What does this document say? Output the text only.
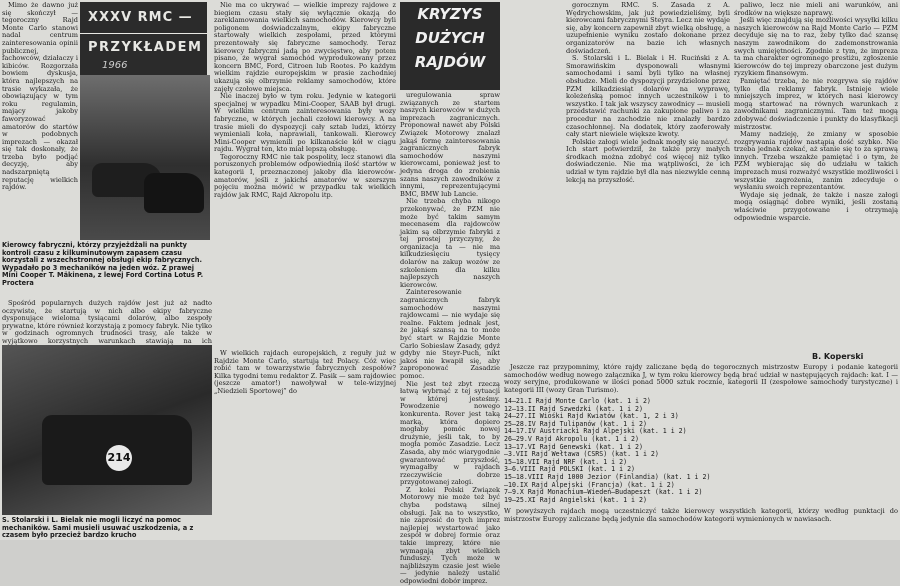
Mimo że dawno już się skończył — tegoroczny Rajd Monte Carlo stanowi nadal centrum zainteresowania opinii publicznej, fachowców, działaczy i kibiców. Rozgorzała bowiem dyskusja, która najlepszych na trasie wykazała, że obowiązujący w tym roku regulamin, mający jakoby faworyzować amatorów do startów w podobnych imprezach — okazał się tak doskonały, że trzeba było podjąć decyzję, aby nadszarpniętą reputację wielkich rajdów.

XXXV RMC —
PRZYKŁADEM
1966
Kierowcy fabryczni, którzy przyjeżdżali na punkty kontroli czasu z kilkuminutowym zapasem czasu korzystali z wszechstronnej obsługi ekip fabrycznych. Wypadało po 3 mechaników na jeden wóz. Z prawej Mini Cooper T. Mäkinena, z lewej Ford Cortina Lotus P. Proctera

Nie ma co ukrywać — wielkie imprezy rajdowe z biegiem czasu stały się wyłącznie okazją do zareklamowania wielkich samochodów. Kierowcy byli poligonem doświadczalnym, ekipy fabryczne startowały wielkich zespołami, przed którymi prezentowały się fabryczne samochody. Teraz kierowcy fabryczni jadą po zwycięstwo, aby potem pisano, że wygrał samochód wyprodukowany przez koncern BMC, Ford, Citroen lub Rootes. Po każdym wielkim rajdzie europejskim w prasie zachodniej ukazują się olbrzymie reklamy samochodów, które zajęły czołowe miejsca.

Nie inaczej było w tym roku. Jedynie w kategorii specjalnej w wypadku Mini-Cooper, SAAB był drugi. W wielkim centrum zainteresowania były wozy fabryczne, w których jechali czołowi kierowcy. A na trasie mieli do dyspozycji cały sztab ludzi, którzy wymieniali koła, naprawiali, tankowali. Kierowcy Mini-Cooper wymienili po kilkanaście kół w ciągu rajdu. Wygrał ten, kto miał lepszą obsługę.

Tegoroczny RMC nie tak pospolity, lecz stanowi dla poruszonych problemów odpowiednią ilość startów w kategorii I, przeznaczonej jakoby dla kierowców-amatorów, jeśli z jakichś amatorów w szerszym pojęciu można mówić w przypadku tak wielkich rajdów jak RMC, Rajd Akropolu itp.

Spośród popularnych dużych rajdów jest już aż nadto oczywiste, że startują w nich albo ekipy fabryczne dysponujące wieloma tysiącami dolarów, albo zespoły prywatne, które również korzystają z pomocy fabryk. Nie tylko w godzinach ogromnych trudności trasy, ale także w wyjątkowo korzystnych warunkach stawiają na ich

214
S. Stolarski i L. Bielak nie mogli liczyć na pomoc mechaników. Sami musieli usuwać uszkodzenia, a z czasem było przecież bardzo krucho

W wielkich rajdach europejskich, z reguły już w Rajdzie Monte Carlo, startują też Polacy. Cóż więc robić tam w towarzystwie fabrycznych zespołów? Kilka tygodni temu redaktor Z. Pasik — sam rajdowiec (jeszcze amator!) nawoływał w tele-wizyjnej „Niedzieli Sportowej” do

KRYZYS
DUŻYCH
RAJDÓW

uregulowania spraw związanych ze startem naszych kierowców w dużych imprezach zagranicznych. Proponował nawet aby Polski Związek Motorowy znalazł jakąś formę zainteresowania zagranicznych fabryk samochodów naszymi kierowcami, ponieważ jest to jedyna droga do zrobienia szans naszych zawodników z innymi, reprezentującymi BMC, BMW lub Lancie.

Nie trzeba chyba nikogo przekonywać, że PZM nie może być takim samym mecenasem dla rajdowców jakim są olbrzymie fabryki z tej prostej przyczyny, że organizacja ta — nie ma kilkudziesięciu tysięcy dolarów na zakup wozów ze szkoleniem dla kilku najlepszych naszych kierowców.

Zainteresowanie zagranicznych fabryk samochodów naszymi rajdowcami — nie wydaje się realne. Faktem jednak jest, że jakąś szansą na to może być start w Rajdzie Monte Carlo Sobieslaw Zasady, gdyż gdyby nie Steyr-Puch, nikt jakoś nie kwapił się, aby zaproponować Zasadzie pomoc.

Nie jest też zbyt rzeczą łatwą wybrnąć z tej sytuacji w której jesteśmy. Powodzenie nowego konkurenta. Rover jest taką marką, która dopiero mogłaby pomóc nowej drużynie, jeśli tak, to by mogła pomóc Zasadzie. Lecz Zasada, aby móc wiarygodnie gwarantować przyszłość, wymagałby w rajdach rzeczywiście dobrze przygotowanej załogi.

Z kolei Polski Związek Motorowy nie może też być chyba podstawą silnej obsługi. Jak na to wszystko, nie zaprosić do tych imprez najlepiej wystartować jako zespół w dobrej formie oraz takie imprezy, które nie wymagają zbyt wielkich funduszy. Tych może w najbliższym czasie jest wiele — jedynie należy ustalić odpowiedni dobór imprez.

gorocznym RMC. S. Zasada z A. Wędrychowskim, jak już powiedzieliśmy, byli kierowcami fabrycznymi Steyra. Lecz nie wydaje się, aby koncern zapewnił zbyt wielką obsługę, a uzupełnienie wyniku zostało dokonane przez organizatorów na bazie ich własnych doświadczeń.

S. Stolarski i L. Bielak i H. Ruciński z A. Smorawińskim dysponowali własnymi samochodami i sami byli tylko na własnej obsłudze. Mieli do dyspozycji przydzielone przez PZM kilkadziesiąt dolarów na wyprawę, koleżeńską pomoc innych uczestników i to wszystko. I tak jak wszyscy zawodnicy — musieli przedstawić rachunki za zakupione paliwo i za procedur na zachodzie nie znalazły bardzo czasochłonnej. Na dodatek, który zaoferowały cały start niewiele większe kwoty.

Polskie załogi wiele jednak mogły się nauczyć. Ich start potwierdził, że także przy małych środkach można zdobyć coś więcej niż tylko doświadczenie. Nie ma wątpliwości, że ich udział w tym rajdzie był dla nas niezwykle cenną lekcją na przyszłość.

paliwo, lecz nie mieli ani warunków, ani środków na większe naprawy.

Jeśli więc znajdują się możliwości wysyłki kilku naszych kierowców na Rajd Monte Carlo — PZM decyduje się na to raz, żeby tylko dać szansę naszym zawodnikom do zademonstrowania swych umiejętności. Zgodnie z tym, że impreza ta ma charakter ogromnego prestiżu, zgłoszenie kierowców do tej imprezy obarczone jest dużym ryzykiem finansowym.

Pamiętać trzeba, że nie rozgrywa się rajdów tylko dla reklamy fabryk. Istnieje wiele mniejszych imprez, w których nasi kierowcy mogą startować na równych warunkach z zawodnikami zagranicznymi. Tam też mogą zdobywać doświadczenie i punkty do klasyfikacji mistrzostw.

Mamy nadzieję, że zmiany w sposobie rozgrywania rajdów nastąpią dość szybko. Nie trzeba jednak czekać, aż stanie się to za sprawą innych. Trzeba wszakże pamiętać i o tym, że PZM wybierając się do udziału w takich imprezach musi rozważyć wszystkie możliwości i wszystkie zagrożenia, zanim zdecyduje o wysłaniu swoich reprezentantów.

Wydaje się jednak, że także i nasze załogi mogą osiągnąć dobre wyniki, jeśli zostaną właściwie przygotowane i otrzymają odpowiednie wsparcie.

B. Koperski
Jeszcze raz przypomnimy, które rajdy zaliczane będą do tegorocznych mistrzostw Europy i podanie kategorii samochodów według nowego załącznika J, w tym roku kierowcy będą brać udział w następujących rajdach: kat. I — wozy seryjne, produkowane w ilości ponad 5000 sztuk rocznie, kategorii II (zespołowe samochody turystyczne) i kategorii III (wozy Gran Turismo).
14—21.I Rajd Monte Carlo (kat. 1 i 2)
12—13.II Rajd Szwedzki (kat. 1 i 2)
24—27.II Wiośki Rajd Kwiatów (kat. 1, 2 i 3)
25—28.IV Rajd Tulipanów (kat. 1 i 2)
14—17.IV Austriacki Rajd Alpejski (kat. 1 i 2)
26—29.V Rajd Akropolu (kat. 1 i 2)
13—17.VI Rajd Genewski (kat. 1 i 2)
—3.VII Rajd Wełtawa (CSRS) (kat. 1 i 2)
15—18.VII Rajd NRF (kat. 1 i 2)
3—6.VIII Rajd POLSKI (kat. 1 i 2)
15—18.VIII Rajd 1000 Jezior (Finlandia) (kat. 1 i 2)
—10.IX Rajd Alpejski (Francja) (kat. 1 i 2)
7—9.X Rajd Monachium—Wiedeń—Budapeszt (kat. 1 i 2)
19—25.XI Rajd Angielski (kat. 1 i 2)
W powyższych rajdach mogą uczestniczyć także kierowcy wszystkich kategorii, którzy według punktacji do mistrzostw Europy zaliczane będą jedynie dla samochodów kategorii wymienionych w nawiasach.
